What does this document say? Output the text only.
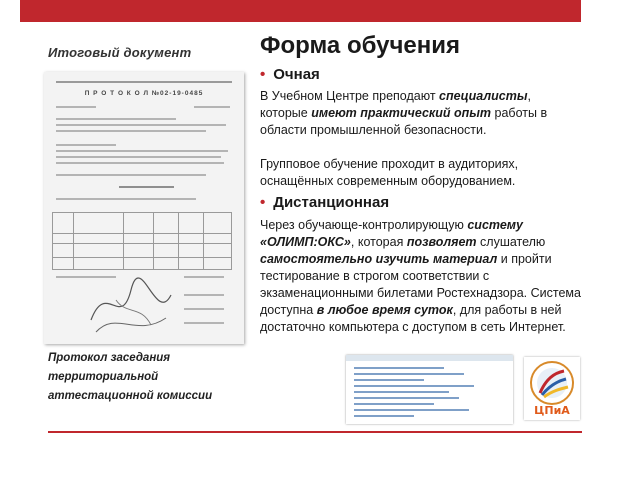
Итоговый документ
П Р О Т О К О Л №02-19-0485
Протокол заседания
территориальной
аттестационной комиссии
Форма обучения
• Очная
В Учебном Центре преподают специалисты, которые имеют практический опыт работы в области промышленной безопасности.
Групповое обучение проходит в аудиториях, оснащённых современным оборудованием.
• Дистанционная
Через обучающе-контролирующую систему «ОЛИМП:ОКС», которая позволяет слушателю самостоятельно изучить материал и пройти тестирование в строгом соответствии с экзаменационными билетами Ростехнадзора. Система доступна в любое время суток, для работы в ней достаточно компьютера с доступом в сеть Интернет.
ЦПиА
